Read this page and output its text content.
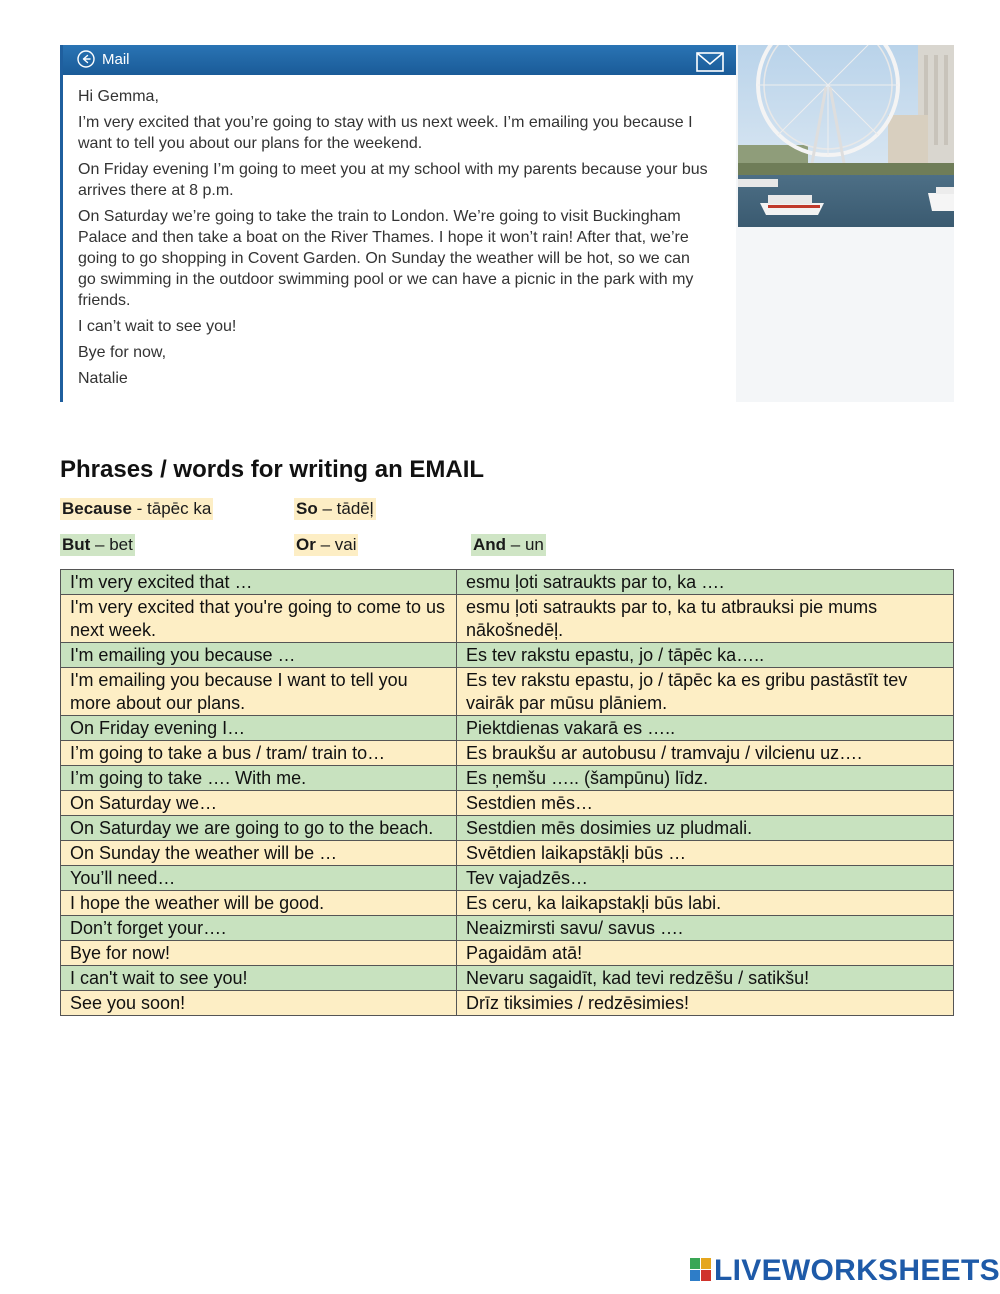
Mail

Hi Gemma,

I’m very excited that you’re going to stay with us next week. I’m emailing you because I want to tell you about our plans for the weekend.

On Friday evening I’m going to meet you at my school with my parents because your bus arrives there at 8 p.m.

On Saturday we’re going to take the train to London. We’re going to visit Buckingham Palace and then take a boat on the River Thames. I hope it won’t rain! After that, we’re going to go shopping in Covent Garden. On Sunday the weather will be hot, so we can go swimming in the outdoor swimming pool or we can have a picnic in the park with my friends.

I can’t wait to see you!

Bye for now,

Natalie

Phrases / words for writing an EMAIL
Because - tāpēc ka	So – tādēļ
But – bet	Or – vai	And – un
I'm very excited that …	esmu ļoti satraukts par to, ka ….
I'm very excited that you're going to come to us next week.	esmu ļoti satraukts par to, ka tu atbrauksi pie mums nākošnedēļ.
I'm emailing you because …	Es tev rakstu epastu, jo / tāpēc ka…..
I'm emailing you because I want to tell you more about our plans.	Es tev rakstu epastu, jo / tāpēc ka es gribu pastāstīt tev vairāk par mūsu plāniem.
On Friday evening I…	Piektdienas vakarā es …..
I’m going to take a bus / tram/ train to…	Es braukšu ar autobusu / tramvaju / vilcienu uz….
I’m going to take …. With me.	Es ņemšu ….. (šampūnu) līdz.
On Saturday we…	Sestdien mēs…
On Saturday we are going to go to the beach.	Sestdien mēs dosimies uz pludmali.
On Sunday the weather will be …	Svētdien laikapstākļi būs …
You’ll need…	Tev vajadzēs…
I hope the weather will be good.	Es ceru, ka laikapstakļi būs labi.
Don’t forget your….	Neaizmirsti savu/ savus ….
Bye for now!	Pagaidām atā!
I can't wait to see you!	Nevaru sagaidīt, kad tevi redzēšu / satikšu!
See you soon!	Drīz tiksimies / redzēsimies!
LIVEWORKSHEETS
